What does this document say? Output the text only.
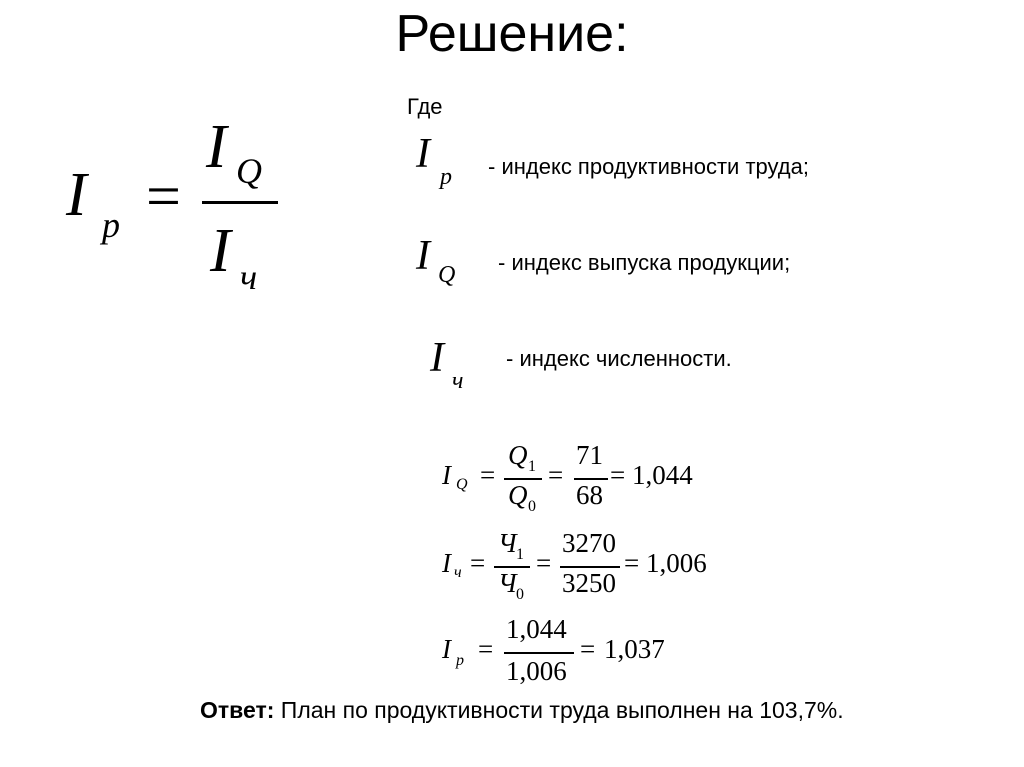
Решение:
I p =
I Q
I ч
Где
I p - индекс продуктивности труда;
I Q - индекс выпуска продукции;
I ч
- индекс численности.
I Q =
Q 1
Q 0
=
71
68
= 1,044
I ч =
Ч 1
Ч 0
=
3270
3250
= 1,006
I p =
1,044
1,006
= 1,037
Ответ: План по продуктивности труда выполнен на 103,7%.
